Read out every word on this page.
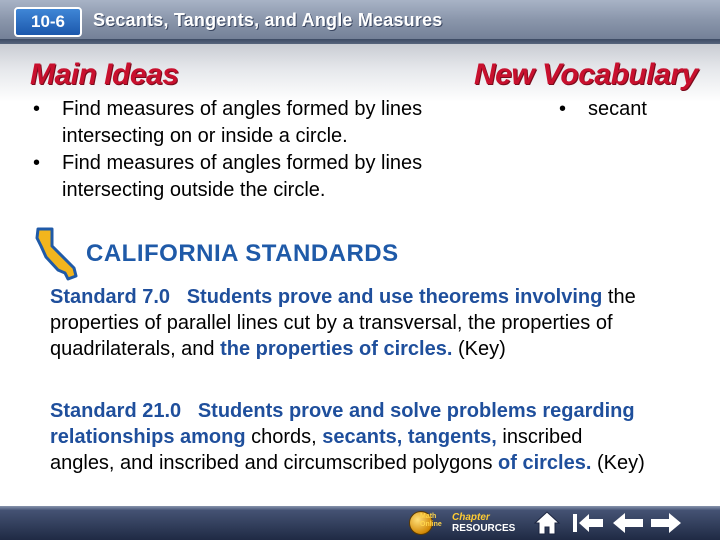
10-6	Secants, Tangents, and Angle Measures
Main Ideas
• Find measures of angles formed by lines intersecting on or inside a circle.
• Find measures of angles formed by lines intersecting outside the circle.
New Vocabulary
• secant
CALIFORNIA STANDARDS
Standard 7.0 Students prove and use theorems involving the properties of parallel lines cut by a transversal, the properties of quadrilaterals, and the properties of circles. (Key)
Standard 21.0 Students prove and solve problems regarding relationships among chords, secants, tangents, inscribed angles, and inscribed and circumscribed polygons of circles. (Key)
Math Online
Chapter
RESOURCES
